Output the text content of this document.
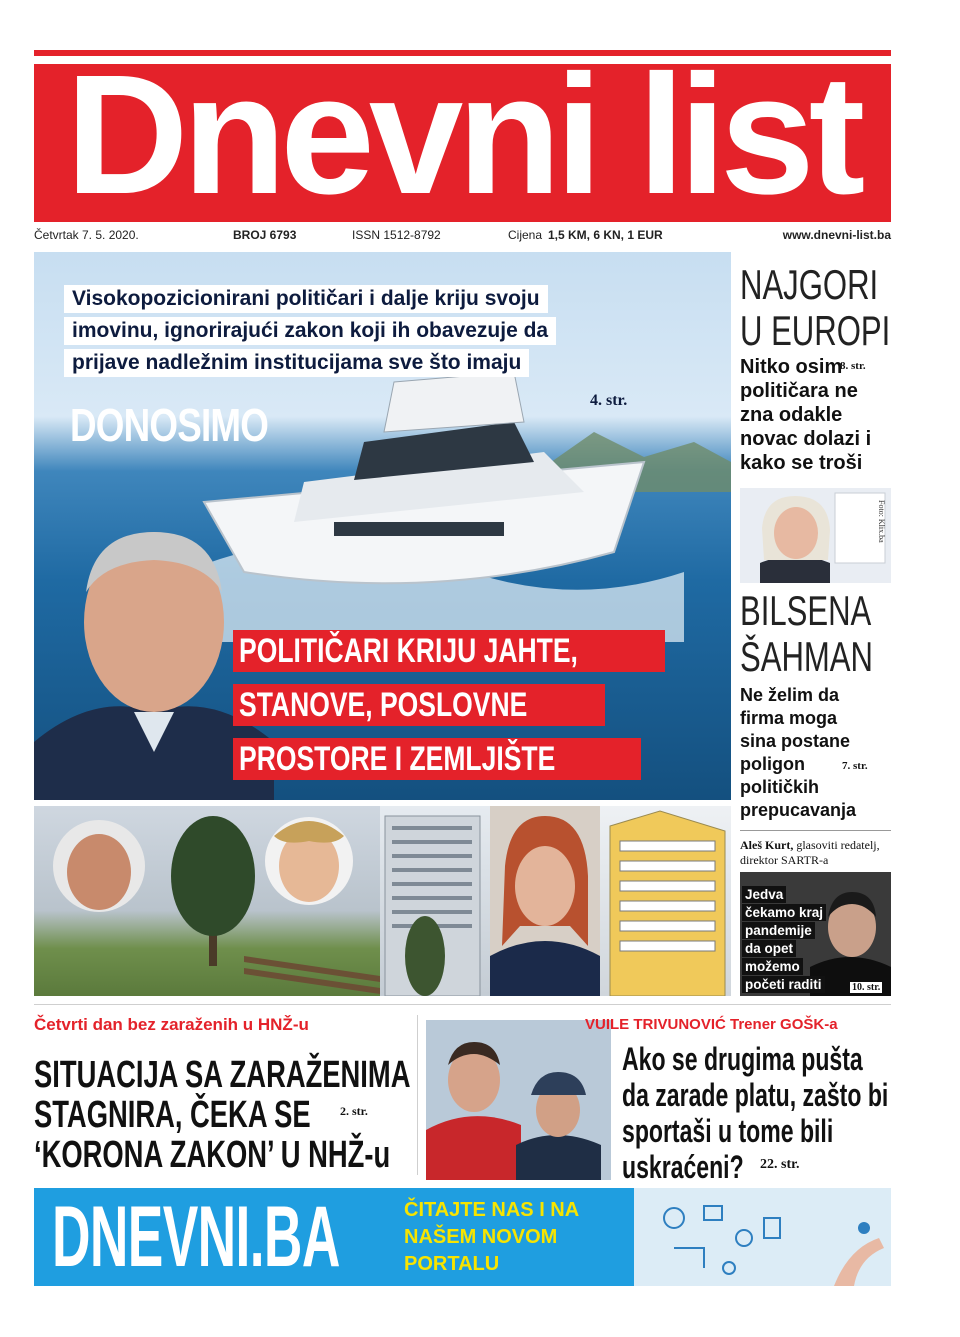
Dnevni list
Četvrtak 7. 5. 2020.	BROJ 6793	ISSN 1512-8792	Cijena 1,5 KM, 6 KN, 1 EUR	www.dnevni-list.ba
Visokopozicionirani političari i dalje kriju svoju
imovinu, ignorirajući zakon koji ih obavezuje da
prijave nadležnim institucijama sve što imaju
DONOSIMO	4. str.
POLITIČARI KRIJU JAHTE,
STANOVE, POSLOVNE
PROSTORE I ZEMLJIŠTE
NAJGORI
U EUROPI
Nitko osim
političara ne
zna odakle
novac dolazi i
kako se troši
8. str.
Foto: Klix.ba
BILSENA
ŠAHMAN
Ne želim da
firma moga
sina postane
poligon
političkih
prepucavanja
7. str.
Aleš Kurt, glasoviti redatelj, direktor SARTR-a
Jedva
čekamo kraj
pandemije
da opet
možemo
početi raditi	10. str.
Četvrti dan bez zaraženih u HNŽ-u
SITUACIJA SA ZARAŽENIMA
STAGNIRA, ČEKA SE
‘KORONA ZAKON’ U NHŽ-u
2. str.
VUILE TRIVUNOVIĆ Trener GOŠK-a
Ako se drugima pušta
da zarade platu, zašto bi
sportaši u tome bili
uskraćeni? 22. str.
DNEVNI.BA	ČITAJTE NAS I NA
NAŠEM NOVOM
PORTALU
